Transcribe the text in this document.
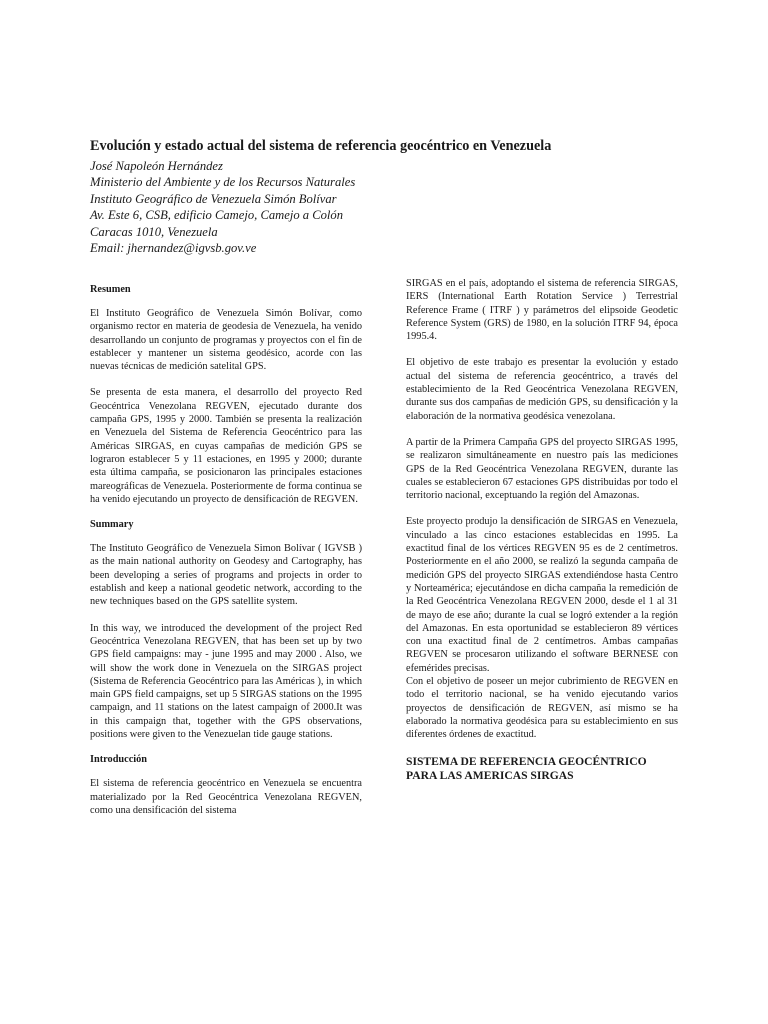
Evolución y estado actual del sistema de referencia geocéntrico en Venezuela
José Napoleón Hernández
Ministerio del Ambiente y de los Recursos Naturales
Instituto Geográfico de Venezuela Simón Bolívar
Av. Este 6, CSB, edificio Camejo, Camejo a Colón
Caracas 1010, Venezuela
Email: jhernandez@igvsb.gov.ve
Resumen

El Instituto Geográfico de Venezuela Simón Bolívar, como organismo rector en materia de geodesia de Venezuela, ha venido desarrollando un conjunto de programas y proyectos con el fin de establecer y mantener un sistema geodésico, acorde con las nuevas técnicas de medición satelital GPS.

Se presenta de esta manera, el desarrollo del proyecto Red Geocéntrica Venezolana REGVEN, ejecutado durante dos campaña GPS, 1995 y 2000. También se presenta la realización en Venezuela del Sistema de Referencia Geocéntrico para las Américas SIRGAS, en cuyas campañas de medición GPS se lograron establecer 5 y 11 estaciones, en 1995 y 2000; durante esta última campaña, se posicionaron las principales estaciones mareográficas de Venezuela. Posteriormente de forma continua se ha venido ejecutando un proyecto de densificación de REGVEN.

Summary

The Instituto Geográfico de Venezuela Simon Bolívar ( IGVSB ) as the main national authority on Geodesy and Cartography, has been developing a series of programs and projects in order to establish and keep a national geodetic network, according to the new techniques based on the GPS satellite system.

In this way, we introduced the development of the project Red Geocéntrica Venezolana REGVEN, that has been set up by two GPS field campaigns: may - june 1995 and may 2000 . Also, we will show the work done in Venezuela on the SIRGAS project (Sistema de Referencia Geocéntrico para las Américas ), in which main GPS field campaigns, set up 5 SIRGAS stations on the 1995 campaign, and 11 stations on the latest campaign of 2000.It was in this campaign that, together with the GPS observations, positions were given to the Venezuelan tide gauge stations.

Introducción

El sistema de referencia geocéntrico en Venezuela se encuentra materializado por la Red Geocéntrica Venezolana REGVEN, como una densificación del sistema

SIRGAS en el país, adoptando el sistema de referencia SIRGAS, IERS (International Earth Rotation Service ) Terrestrial Reference Frame ( ITRF ) y parámetros del elipsoide Geodetic Reference System (GRS) de 1980, en la solución ITRF 94, época 1995.4.

El objetivo de este trabajo es presentar la evolución y estado actual del sistema de referencia geocéntrico, a través del establecimiento de la Red Geocéntrica Venezolana REGVEN, durante sus dos campañas de medición GPS, su densificación y la elaboración de la normativa geodésica venezolana.

A partir de la Primera Campaña GPS del proyecto SIRGAS 1995, se realizaron simultáneamente en nuestro país las mediciones GPS de la Red Geocéntrica Venezolana REGVEN, durante las cuales se establecieron 67 estaciones GPS distribuidas por todo el territorio nacional, exceptuando la región del Amazonas.

Este proyecto produjo la densificación de SIRGAS en Venezuela, vinculado a las cinco estaciones establecidas en 1995. La exactitud final de los vértices REGVEN 95 es de 2 centímetros. Posteriormente en el año 2000, se realizó la segunda campaña de medición GPS del proyecto SIRGAS extendiéndose hasta Centro y Norteamérica; ejecutándose en dicha campaña la remedición de la Red Geocéntrica Venezolana REGVEN 2000, desde el 1 al 31 de mayo de ese año; durante la cual se logró extender a la región del Amazonas. En esta oportunidad se establecieron 89 vértices con una exactitud final de 2 centímetros. Ambas campañas REGVEN se procesaron utilizando el software BERNESE con efemérides precisas.

Con el objetivo de poseer un mejor cubrimiento de REGVEN en todo el territorio nacional, se ha venido ejecutando varios proyectos de densificación de REGVEN, así mismo se ha elaborado la normativa geodésica para su establecimiento en sus diferentes órdenes de exactitud.

SISTEMA DE REFERENCIA GEOCÉNTRICO PARA LAS AMERICAS SIRGAS
